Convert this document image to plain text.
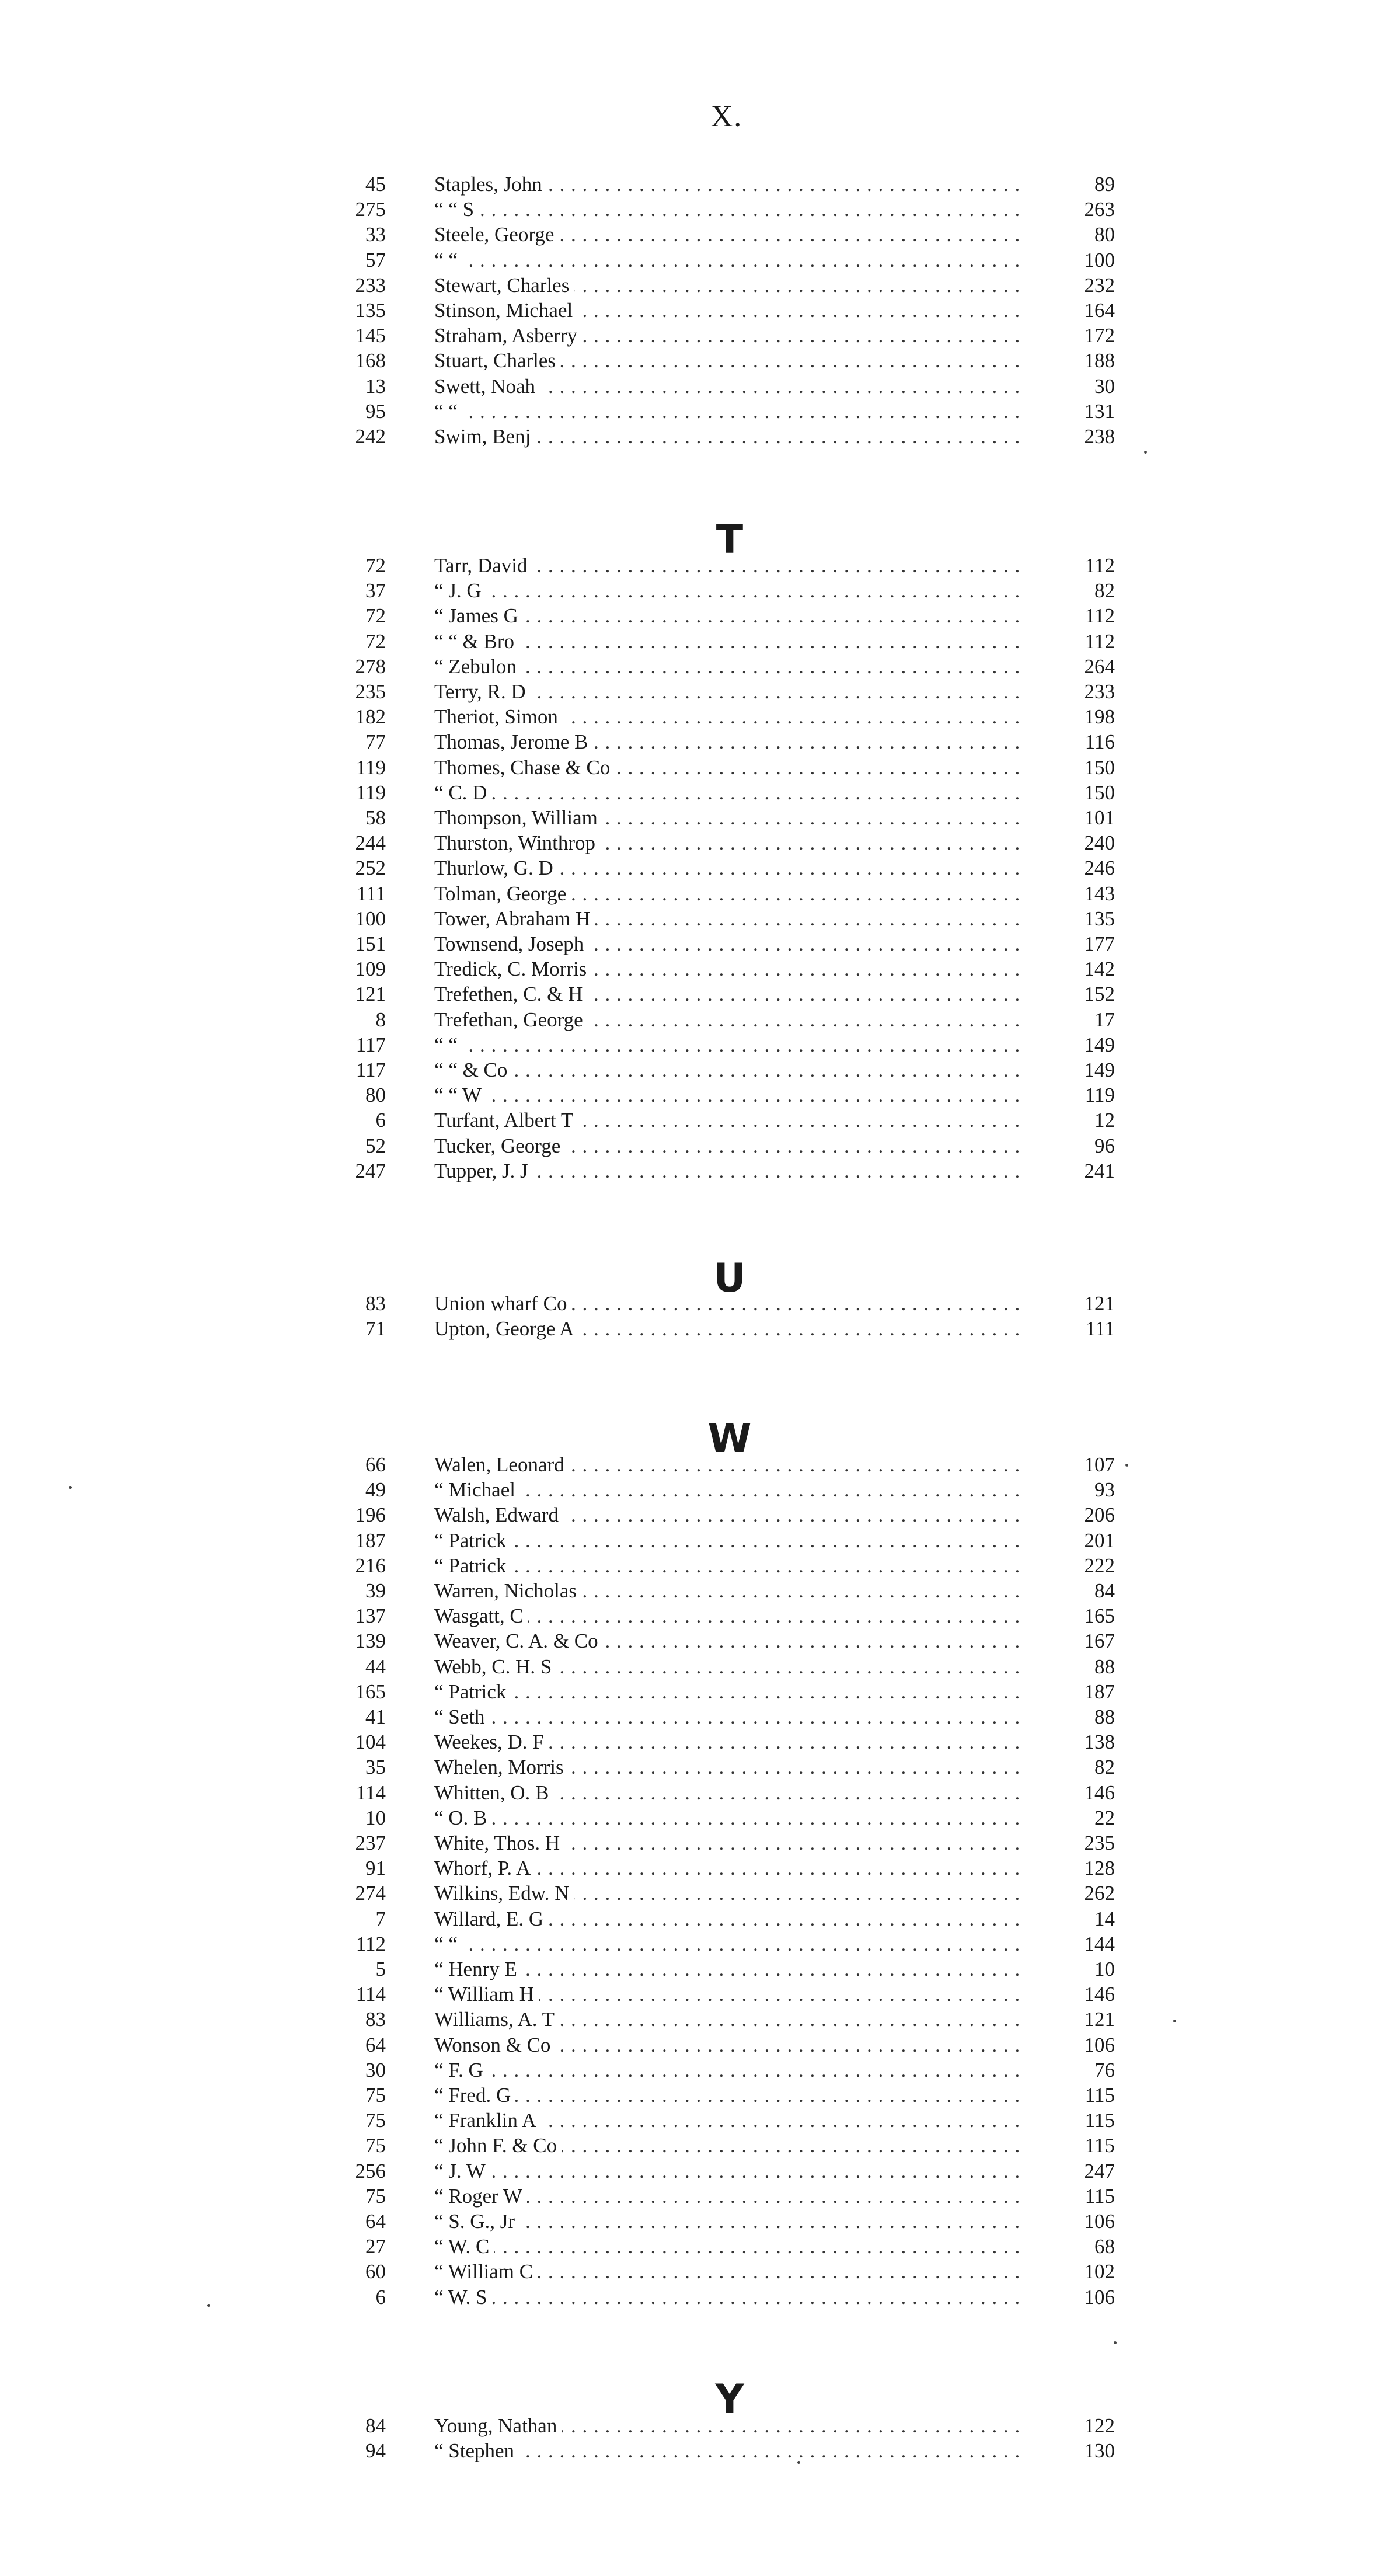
X.
45 Staples, John . . .	89
275 “ “ S . . .	263
33 Steele, George . . .	80
57 “ “ . . .	100
233 Stewart, Charles . . .	232
135 Stinson, Michael . . .	164
145 Straham, Asberry . . .	172
168 Stuart, Charles . . .	188
13 Swett, Noah . . .	30
95 “ “ . . .	131
242 Swim, Benj . . .	238
T
72 Tarr, David . . .	112
37 “ J. G . . .	82
72 “ James G . . .	112
72 “ “ & Bro . . .	112
278 “ Zebulon . . .	264
235 Terry, R. D . . .	233
182 Theriot, Simon . . .	198
77 Thomas, Jerome B . . .	116
119 Thomes, Chase & Co . . .	150
119 “ C. D . . .	150
58 Thompson, William . . .	101
244 Thurston, Winthrop . . .	240
252 Thurlow, G. D . . .	246
111 Tolman, George . . .	143
100 Tower, Abraham H . . .	135
151 Townsend, Joseph . . .	177
109 Tredick, C. Morris . . .	142
121 Trefethen, C. & H . . .	152
8 Trefethan, George . . .	17
117 “ “ . . .	149
117 “ “ & Co . . .	149
80 “ “ W . . .	119
6 Turfant, Albert T . . .	12
52 Tucker, George . . .	96
247 Tupper, J. J . . .	241
U
83 Union wharf Co . . .	121
71 Upton, George A . . .	111
W
66 Walen, Leonard . . .	107
49 “ Michael . . .	93
196 Walsh, Edward . . .	206
187 “ Patrick . . .	201
216 “ Patrick . . .	222
39 Warren, Nicholas . . .	84
137 Wasgatt, C . . .	165
139 Weaver, C. A. & Co . . .	167
44 Webb, C. H. S . . .	88
165 “ Patrick . . .	187
41 “ Seth . . .	88
104 Weekes, D. F . . .	138
35 Whelen, Morris . . .	82
114 Whitten, O. B . . .	146
10 “ O. B . . .	22
237 White, Thos. H . . .	235
91 Whorf, P. A . . .	128
274 Wilkins, Edw. N . . .	262
7 Willard, E. G . . .	14
112 “ “ . . .	144
5 “ Henry E . . .	10
114 “ William H . . .	146
83 Williams, A. T . . .	121
64 Wonson & Co . . .	106
30 “ F. G . . .	76
75 “ Fred. G . . .	115
75 “ Franklin A . . .	115
75 “ John F. & Co . . .	115
256 “ J. W . . .	247
75 “ Roger W . . .	115
64 “ S. G., Jr . . .	106
27 “ W. C . . .	68
60 “ William C . . .	102
6 “ W. S . . .	106
Y
84 Young, Nathan . . .	122
94 “ Stephen . . .	130
